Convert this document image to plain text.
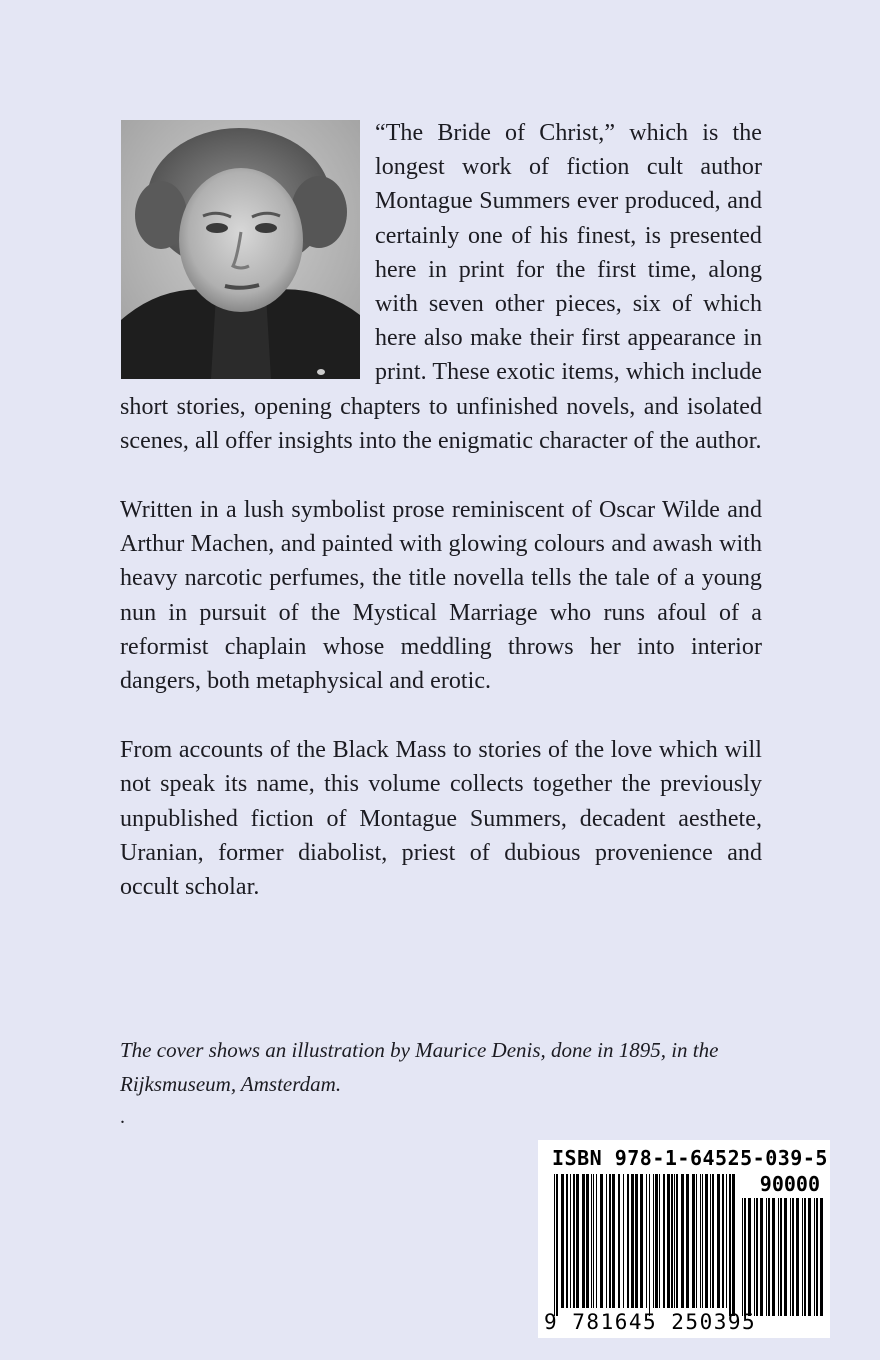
“The Bride of Christ,” which is the longest work of fiction cult author Montague Summers ever produced, and certainly one of his finest, is presented here in print for the first time, along with seven other pieces, six of which here also make their first appearance in print. These exotic items, which include short stories, opening chapters to unfinished novels, and isolated scenes, all offer insights into the enigmatic character of the author.

Written in a lush symbolist prose reminiscent of Oscar Wilde and Arthur Machen, and painted with glowing colours and awash with heavy narcotic perfumes, the title novella tells the tale of a young nun in pursuit of the Mystical Marriage who runs afoul of a reformist chaplain whose meddling throws her into interior dangers, both metaphysical and erotic.

From accounts of the Black Mass to stories of the love which will not speak its name, this volume collects together the previously unpublished fiction of Montague Summers, decadent aesthete, Uranian, former diabolist, priest of dubious provenience and occult scholar.

The cover shows an illustration by Maurice Denis, done in 1895, in the Rijksmuseum, Amsterdam.
.
ISBN 978-1-64525-039-5
90000
9 781645 250395
